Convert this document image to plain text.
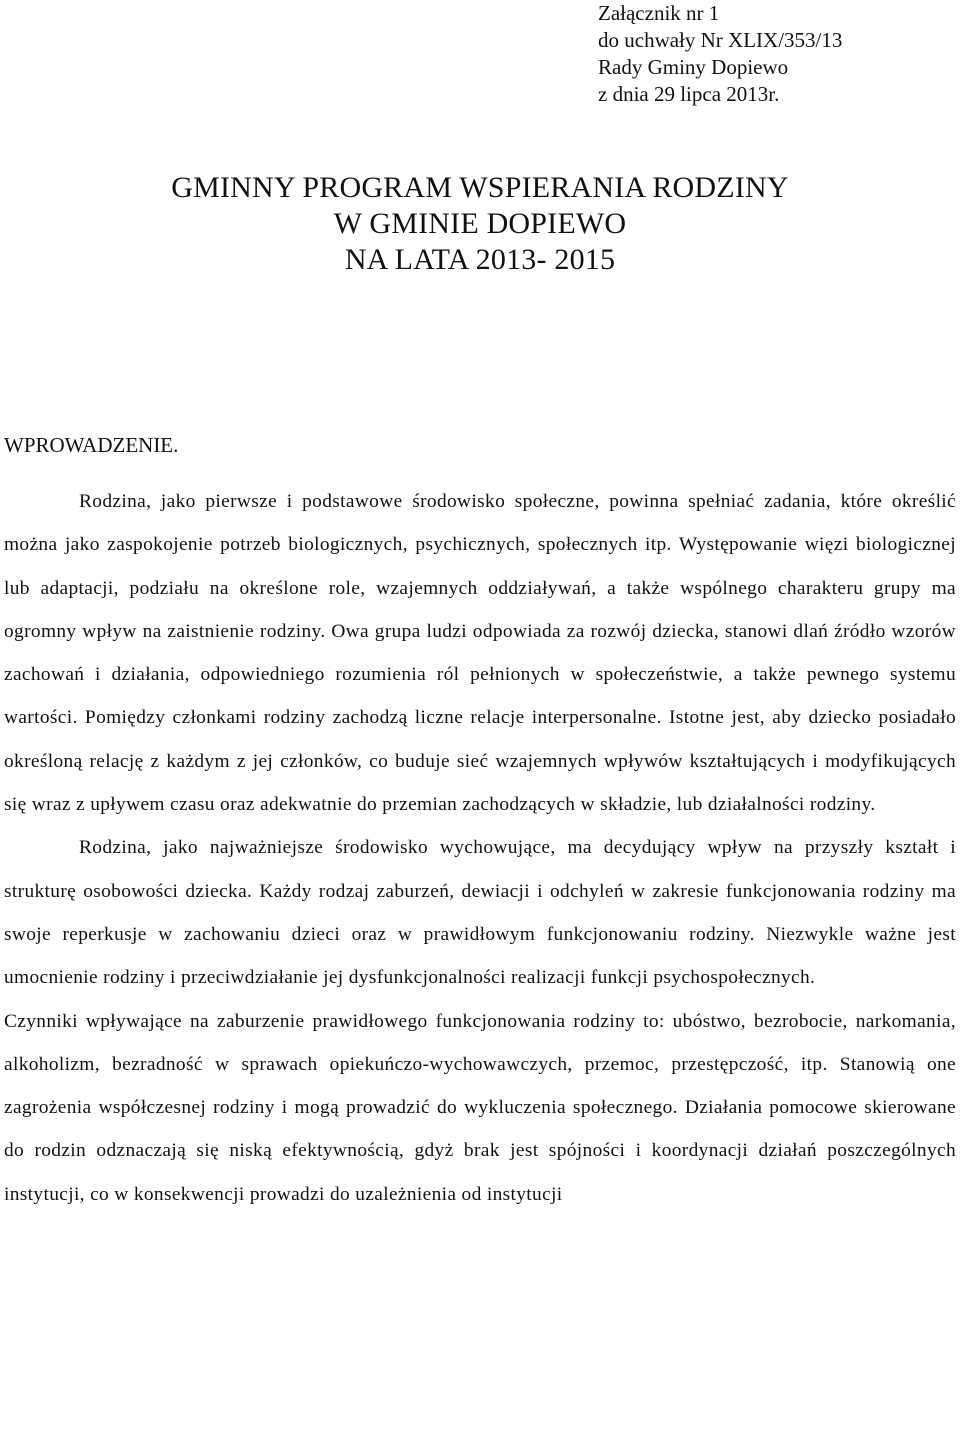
Załącznik nr 1
do uchwały Nr XLIX/353/13
Rady Gminy Dopiewo
z dnia 29 lipca 2013r.
GMINNY PROGRAM WSPIERANIA RODZINY
W GMINIE DOPIEWO
NA LATA 2013- 2015
WPROWADZENIE.

Rodzina, jako pierwsze i podstawowe środowisko społeczne, powinna spełniać zadania, które określić można jako zaspokojenie potrzeb biologicznych, psychicznych, społecznych itp. Występowanie więzi biologicznej lub adaptacji, podziału na określone role, wzajemnych oddziaływań, a także wspólnego charakteru grupy ma ogromny wpływ na zaistnienie rodziny. Owa grupa ludzi odpowiada za rozwój dziecka, stanowi dlań źródło wzorów zachowań i działania, odpowiedniego rozumienia ról pełnionych w społeczeństwie, a także pewnego systemu wartości. Pomiędzy członkami rodziny zachodzą liczne relacje interpersonalne. Istotne jest, aby dziecko posiadało określoną relację z każdym z jej członków, co buduje sieć wzajemnych wpływów kształtujących i modyfikujących się wraz z upływem czasu oraz adekwatnie do przemian zachodzących w składzie, lub działalności rodziny.

Rodzina, jako najważniejsze środowisko wychowujące, ma decydujący wpływ na przyszły kształt i strukturę osobowości dziecka. Każdy rodzaj zaburzeń, dewiacji i odchyleń w zakresie funkcjonowania rodziny ma swoje reperkusje w zachowaniu dzieci oraz w prawidłowym funkcjonowaniu rodziny. Niezwykle ważne jest umocnienie rodziny i przeciwdziałanie jej dysfunkcjonalności realizacji funkcji psychospołecznych.

Czynniki wpływające na zaburzenie prawidłowego funkcjonowania rodziny to: ubóstwo, bezrobocie, narkomania, alkoholizm, bezradność w sprawach opiekuńczo-wychowawczych, przemoc, przestępczość, itp. Stanowią one zagrożenia współczesnej rodziny i mogą prowadzić do wykluczenia społecznego. Działania pomocowe skierowane do rodzin odznaczają się niską efektywnością, gdyż brak jest spójności i koordynacji działań poszczególnych instytucji, co w konsekwencji prowadzi do uzależnienia od instytucji
